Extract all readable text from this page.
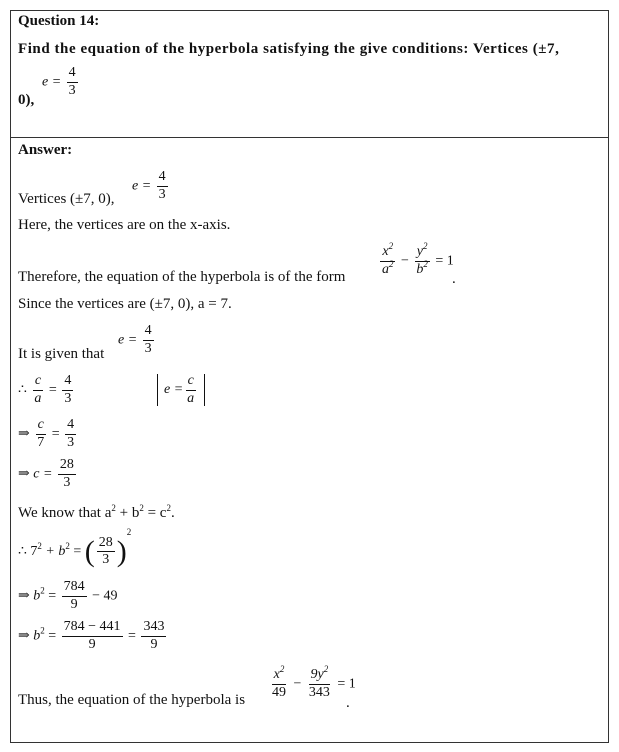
Question 14:
Find the equation of the hyperbola satisfying the give conditions: Vertices (±7,
0),
$e = \frac{4}{3}$
Answer:
Vertices (±7, 0),
$e = \frac{4}{3}$
Here, the vertices are on the x-axis.
Therefore, the equation of the hyperbola is of the form $\frac{x^2}{a^2} - \frac{y^2}{b^2} = 1$
.
Since the vertices are (±7, 0), a = 7.
It is given that
$e = \frac{4}{3}$
∴ $\frac{c}{a} = \frac{4}{3}$	$e = \frac{c}{a}$
⇒ $\frac{c}{7} = \frac{4}{3}$
⇒ $c = \frac{28}{3}$
We know that $a^2 + b^2 = c^2$.
∴ $7^2 + b^2$ = ( $\frac{28}{3} )^2$
⇒ $b^2 = \frac{784}{9} - 49$
⇒ $b^2 = \frac{784 - 441}{9} = \frac{343}{9}$
Thus, the equation of the hyperbola is $\frac{x^2}{49} - \frac{9y^2}{343} = 1$
.
